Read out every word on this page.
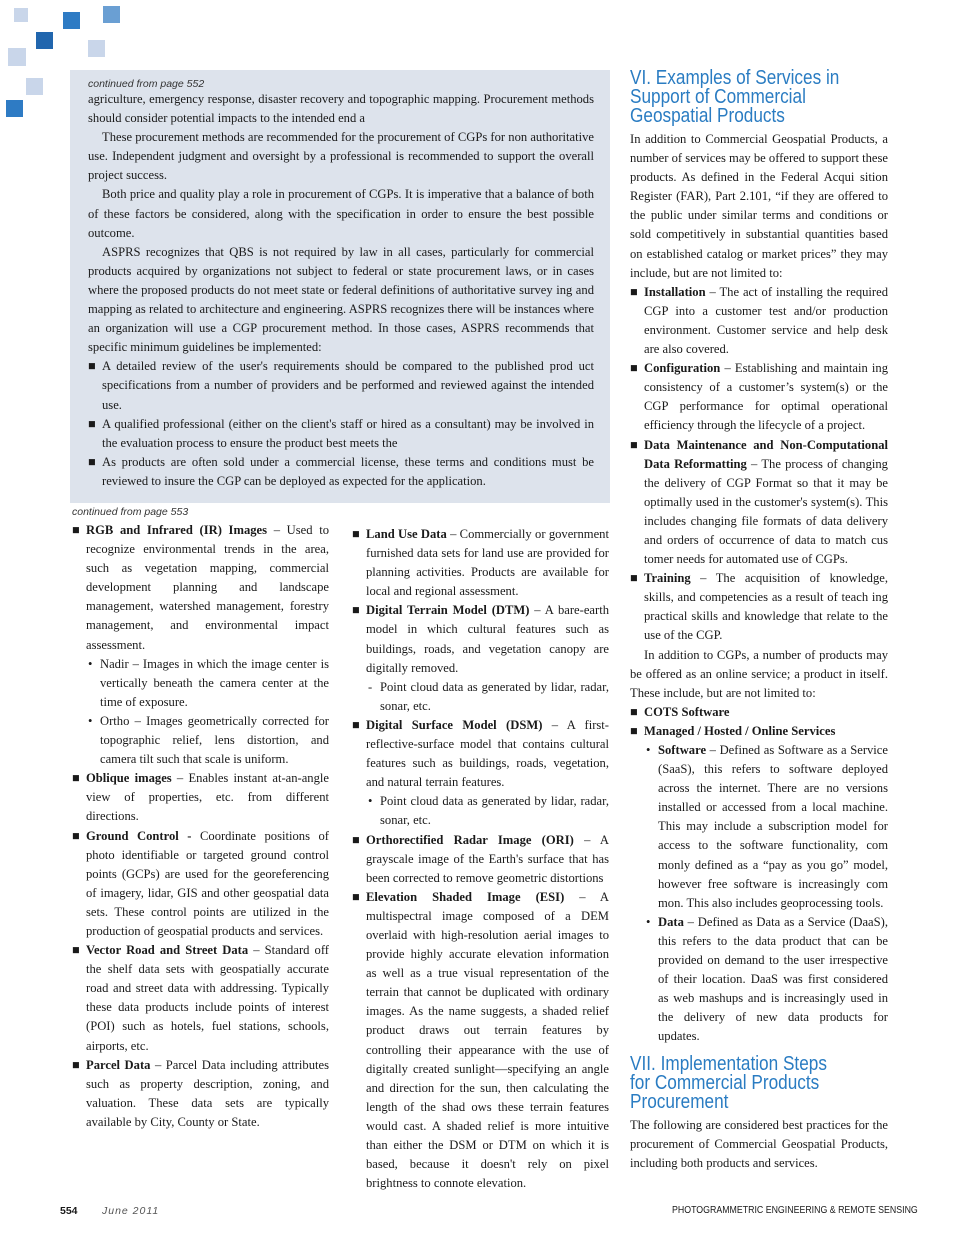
continued from page 552

agriculture, emergency response, disaster recovery and topographic mapping. Procurement methods should consider potential impacts to the intended end a

These procurement methods are recommended for the procurement of CGPs for non authoritative use. Independent judgment and oversight by a professional is recommended to support the overall project success.

Both price and quality play a role in procurement of CGPs. It is imperative that a balance of both of these factors be considered, along with the specification in order to ensure the best possible outcome.

ASPRS recognizes that QBS is not required by law in all cases, particularly for commercial products acquired by organizations not subject to federal or state procurement laws, or in cases where the proposed products do not meet state or federal definitions of authoritative survey ing and mapping as related to architecture and engineering. ASPRS recognizes there will be instances where an organization will use a CGP procurement method. In those cases, ASPRS recommends that specific minimum guidelines be implemented:

■ A detailed review of the user's requirements should be compared to the published prod uct specifications from a number of providers and be performed and reviewed against the intended use.
■ A qualified professional (either on the client's staff or hired as a consultant) may be involved in the evaluation process to ensure the product best meets the
■ As products are often sold under a commercial license, these terms and conditions must be reviewed to insure the CGP can be deployed as expected for the application.
continued from page 553
■ RGB and Infrared (IR) Images – Used to recognize environmental trends in the area, such as vegetation mapping, commercial development planning and landscape management, watershed management, forestry management, and environmental impact assessment.
• Nadir – Images in which the image center is vertically beneath the camera center at the time of exposure.
• Ortho – Images geometrically corrected for topographic relief, lens distortion, and camera tilt such that scale is uniform.
■ Oblique images – Enables instant at-an-angle view of properties, etc. from different directions.
■ Ground Control - Coordinate positions of photo identifiable or targeted ground control points (GCPs) are used for the georeferencing of imagery, lidar, GIS and other geospatial data sets. These control points are utilized in the production of geospatial products and services.
■ Vector Road and Street Data – Standard off the shelf data sets with geospatially accurate road and street data with addressing. Typically these data products include points of interest (POI) such as hotels, fuel stations, schools, airports, etc.
■ Parcel Data – Parcel Data including attributes such as property description, zoning, and valuation. These data sets are typically available by City, County or State.
■ Land Use Data – Commercially or government furnished data sets for land use are provided for planning activities. Products are available for local and regional assessment.
■ Digital Terrain Model (DTM) – A bare-earth model in which cultural features such as buildings, roads, and vegetation canopy are digitally removed.
- Point cloud data as generated by lidar, radar, sonar, etc.
■ Digital Surface Model (DSM) – A first-reflective-surface model that contains cultural features such as buildings, roads, vegetation, and natural terrain features.
• Point cloud data as generated by lidar, radar, sonar, etc.
■ Orthorectified Radar Image (ORI) – A grayscale image of the Earth's surface that has been corrected to remove geometric distortions
■ Elevation Shaded Image (ESI) – A multispectral image composed of a DEM overlaid with high-resolution aerial images to provide highly accurate elevation information as well as a true visual representation of the terrain that cannot be duplicated with ordinary images. As the name suggests, a shaded relief product draws out terrain features by controlling their appearance with the use of digitally created sunlight—specifying an angle and direction for the sun, then calculating the length of the shad ows these terrain features would cast. A shaded relief is more intuitive than either the DSM or DTM on which it is based, because it doesn't rely on pixel brightness to connote elevation.
VI. Examples of Services in
Support of Commercial
Geospatial Products

In addition to Commercial Geospatial Products, a number of services may be offered to support these products. As defined in the Federal Acqui sition Register (FAR), Part 2.101, “if they are offered to the public under similar terms and conditions or sold competitively in substantial quantities based on established catalog or market prices” they may include, but are not limited to:

■ Installation – The act of installing the required CGP into a customer test and/or production environment. Customer service and help desk are also covered.
■ Configuration – Establishing and maintain ing consistency of a customer’s system(s) or the CGP performance for optimal operational efficiency through the lifecycle of a project.
■ Data Maintenance and Non-Computational Data Reformatting – The process of changing the delivery of CGP Format so that it may be optimally used in the customer's system(s). This includes changing file formats of data delivery and orders of occurrence of data to match cus tomer needs for automated use of CGPs.
■ Training – The acquisition of knowledge, skills, and competencies as a result of teach ing practical skills and knowledge that relate to the use of the CGP.

In addition to CGPs, a number of products may be offered as an online service; a product in itself. These include, but are not limited to:

■ COTS Software
■ Managed / Hosted / Online Services
• Software – Defined as Software as a Service (SaaS), this refers to software deployed across the internet. There are no versions installed or accessed from a local machine. This may include a subscription model for access to the software functionality, com monly defined as a “pay as you go” model, however free software is increasingly com mon. This also includes geoprocessing tools.
• Data – Defined as Data as a Service (DaaS), this refers to the data product that can be provided on demand to the user irrespective of their location. DaaS was first considered as web mashups and is increasingly used in the delivery of new data products for updates.
VII. Implementation Steps
for Commercial Products
Procurement

The following are considered best practices for the procurement of Commercial Geospatial Products, including both products and services.

554 June 2011	PHOTOGRAMMETRIC ENGINEERING & REMOTE SENSING
